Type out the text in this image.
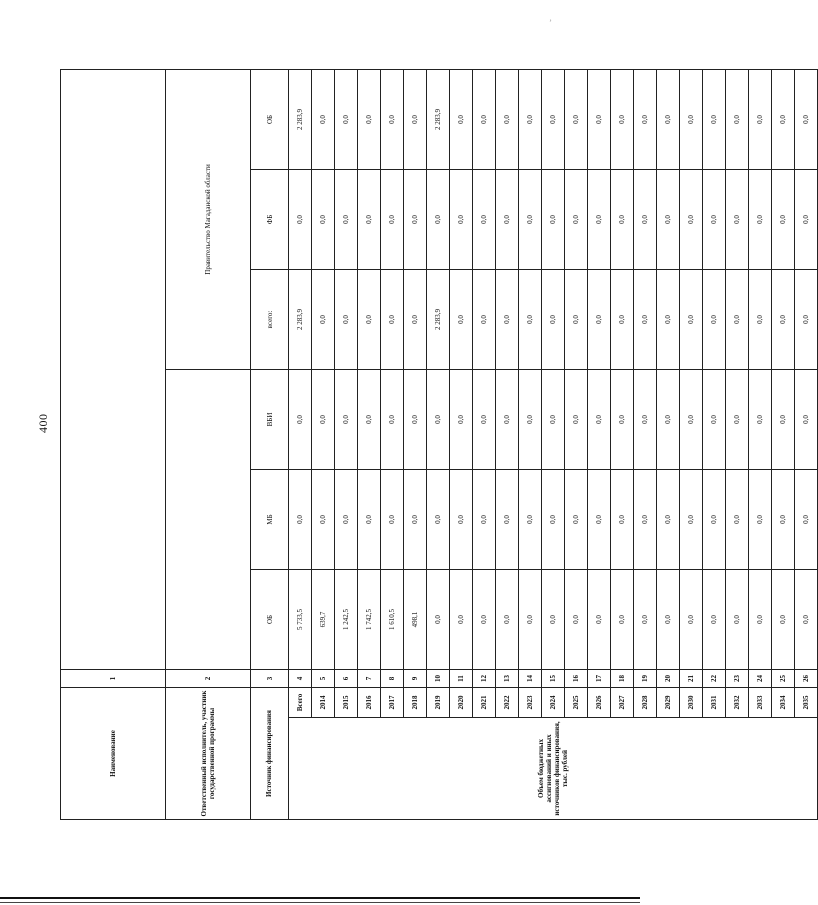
400
’
Наименование		1						
Ответственный исполнитель, участник государственной программы		2				Правительство Магаданской области		
Источник финансирования		3	ОБ	МБ	ВБИ	всего:	ФБ	ОБ
Объем бюджетных ассигнований и иных источников финансирования, тыс. рублей	Всего	4	5 733,5	0,0	0,0	2 283,9	0,0	2 283,9
	2014	5	639,7	0,0	0,0	0,0	0,0	0,0
	2015	6	1 242,5	0,0	0,0	0,0	0,0	0,0
	2016	7	1 742,5	0,0	0,0	0,0	0,0	0,0
	2017	8	1 610,5	0,0	0,0	0,0	0,0	0,0
	2018	9	498,1	0,0	0,0	0,0	0,0	0,0
	2019	10	0,0	0,0	0,0	2 283,9	0,0	2 283,9
	2020	11	0,0	0,0	0,0	0,0	0,0	0,0
	2021	12	0,0	0,0	0,0	0,0	0,0	0,0
	2022	13	0,0	0,0	0,0	0,0	0,0	0,0
	2023	14	0,0	0,0	0,0	0,0	0,0	0,0
	2024	15	0,0	0,0	0,0	0,0	0,0	0,0
	2025	16	0,0	0,0	0,0	0,0	0,0	0,0
	2026	17	0,0	0,0	0,0	0,0	0,0	0,0
	2027	18	0,0	0,0	0,0	0,0	0,0	0,0
	2028	19	0,0	0,0	0,0	0,0	0,0	0,0
	2029	20	0,0	0,0	0,0	0,0	0,0	0,0
	2030	21	0,0	0,0	0,0	0,0	0,0	0,0
	2031	22	0,0	0,0	0,0	0,0	0,0	0,0
	2032	23	0,0	0,0	0,0	0,0	0,0	0,0
	2033	24	0,0	0,0	0,0	0,0	0,0	0,0
	2034	25	0,0	0,0	0,0	0,0	0,0	0,0
	2035	26	0,0	0,0	0,0	0,0	0,0	0,0
